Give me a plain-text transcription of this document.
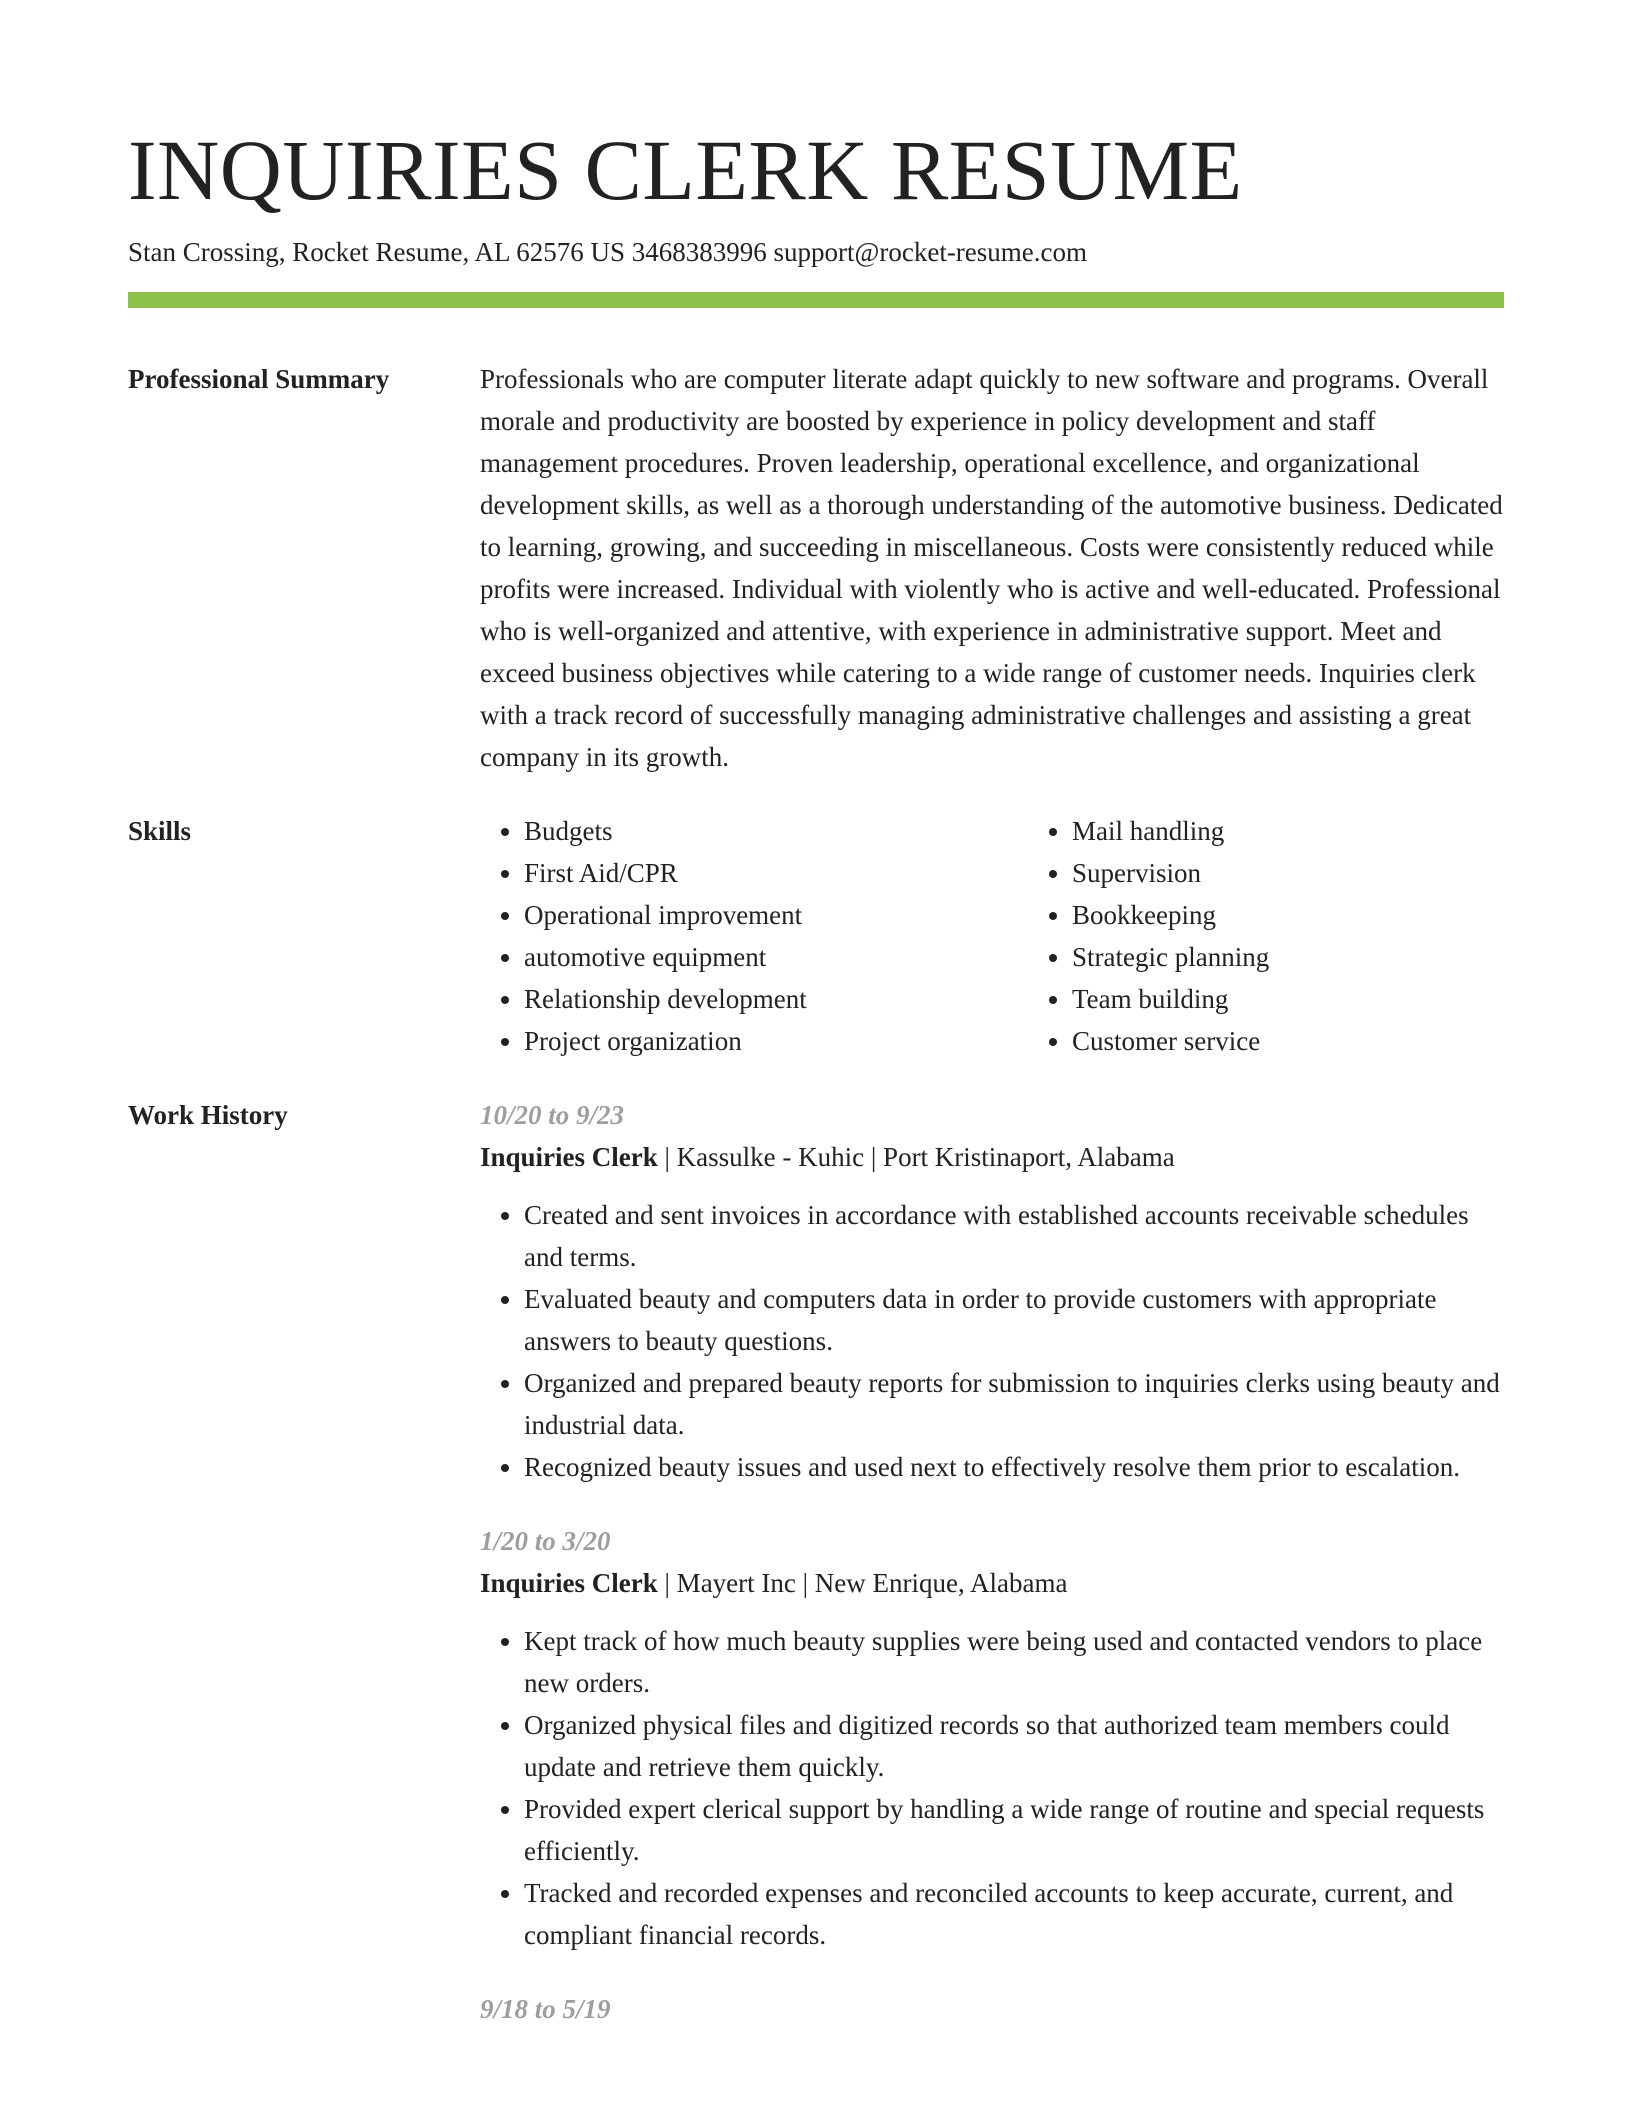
INQUIRIES CLERK RESUME
Stan Crossing, Rocket Resume, AL 62576 US 3468383996 support@rocket-resume.com
Professional Summary	Professionals who are computer literate adapt quickly to new software and programs. Overall morale and productivity are boosted by experience in policy development and staff management procedures. Proven leadership, operational excellence, and organizational development skills, as well as a thorough understanding of the automotive business. Dedicated to learning, growing, and succeeding in miscellaneous. Costs were consistently reduced while profits were increased. Individual with violently who is active and well-educated. Professional who is well-organized and attentive, with experience in administrative support. Meet and exceed business objectives while catering to a wide range of customer needs. Inquiries clerk with a track record of successfully managing administrative challenges and assisting a great company in its growth.
Skills
•	Budgets
• First Aid/CPR
• Operational improvement
• automotive equipment
• Relationship development
• Project organization
• Mail handling
• Supervision
• Bookkeeping
• Strategic planning
• Team building
• Customer service
Work History	10/20 to 9/23
Inquiries Clerk | Kassulke - Kuhic | Port Kristinaport, Alabama
• Created and sent invoices in accordance with established accounts receivable schedules and terms.
• Evaluated beauty and computers data in order to provide customers with appropriate answers to beauty questions.
• Organized and prepared beauty reports for submission to inquiries clerks using beauty and industrial data.
• Recognized beauty issues and used next to effectively resolve them prior to escalation.
1/20 to 3/20
Inquiries Clerk | Mayert Inc | New Enrique, Alabama
• Kept track of how much beauty supplies were being used and contacted vendors to place new orders.
• Organized physical files and digitized records so that authorized team members could update and retrieve them quickly.
• Provided expert clerical support by handling a wide range of routine and special requests efficiently.
• Tracked and recorded expenses and reconciled accounts to keep accurate, current, and compliant financial records.
9/18 to 5/19
